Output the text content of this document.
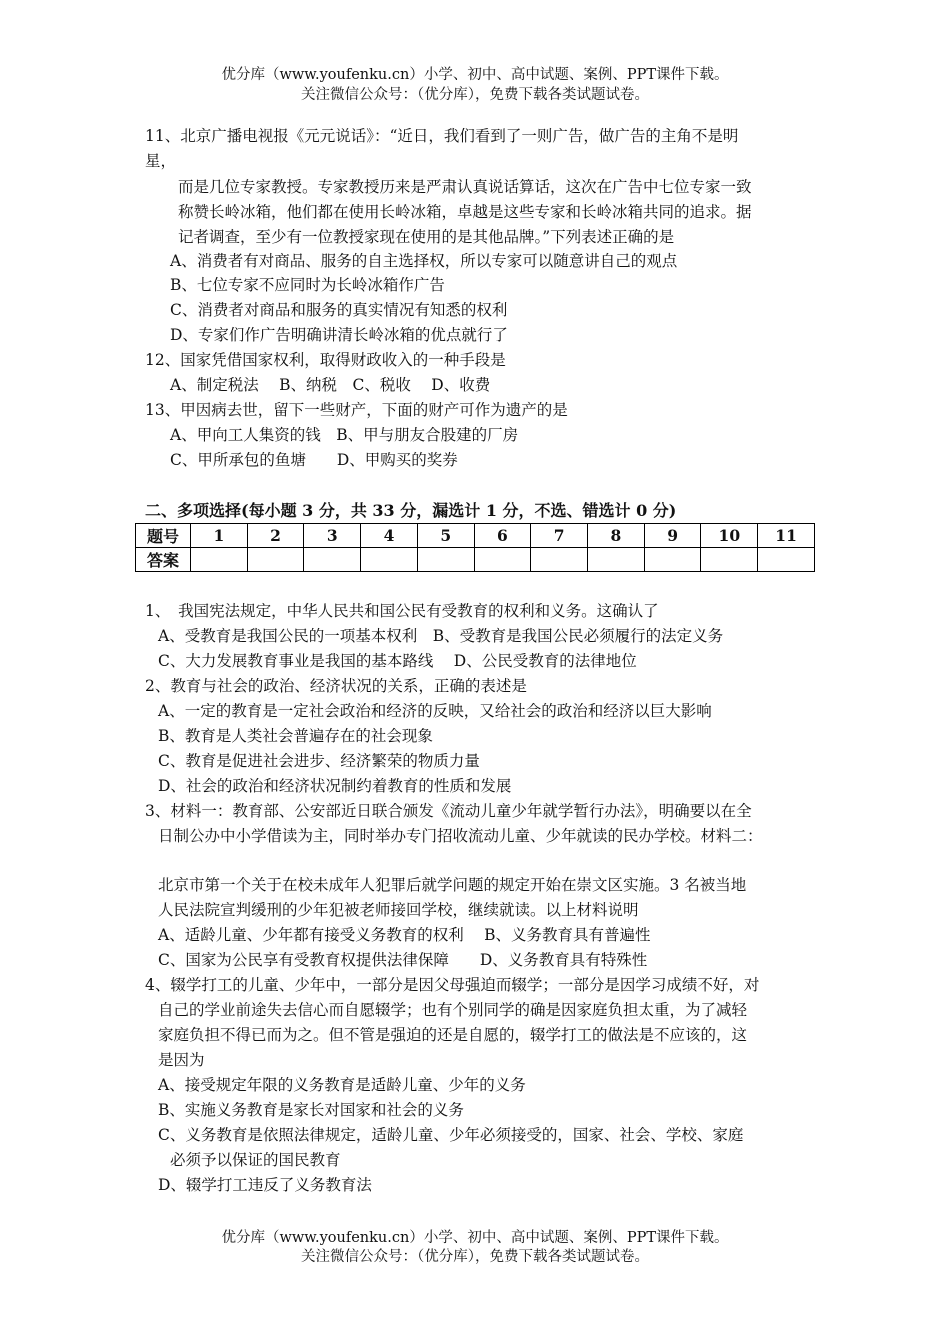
优分库（www.youfenku.cn）小学、初中、高中试题、案例、PPT课件下载。
关注微信公众号：（优分库），免费下载各类试题试卷。
11、北京广播电视报《元元说话》：“近日，我们看到了一则广告，做广告的主角不是明
星，
而是几位专家教授。专家教授历来是严肃认真说话算话，这次在广告中七位专家一致
称赞长岭冰箱，他们都在使用长岭冰箱，卓越是这些专家和长岭冰箱共同的追求。据
记者调查，至少有一位教授家现在使用的是其他品牌。”下列表述正确的是
A、消费者有对商品、服务的自主选择权，所以专家可以随意讲自己的观点
B、七位专家不应同时为长岭冰箱作广告
C、消费者对商品和服务的真实情况有知悉的权利
D、专家们作广告明确讲清长岭冰箱的优点就行了
12、国家凭借国家权利，取得财政收入的一种手段是
A、制定税法　 B、纳税　C、税收　 D、收费
13、甲因病去世，留下一些财产，下面的财产可作为遗产的是
A、甲向工人集资的钱　B、甲与朋友合股建的厂房
C、甲所承包的鱼塘　　D、甲购买的奖券
二、多项选择(每小题 3 分，共 33 分，漏选计 1 分，不选、错选计 0 分)
题号	1	2	3	4	5	6	7	8	9	10	11
答案											
1、　我国宪法规定，中华人民共和国公民有受教育的权利和义务。这确认了
A、受教育是我国公民的一项基本权利　B、受教育是我国公民必须履行的法定义务
C、大力发展教育事业是我国的基本路线　 D、公民受教育的法律地位
2、教育与社会的政治、经济状况的关系，正确的表述是
A、一定的教育是一定社会政治和经济的反映，又给社会的政治和经济以巨大影响
B、教育是人类社会普遍存在的社会现象
C、教育是促进社会进步、经济繁荣的物质力量
D、社会的政治和经济状况制约着教育的性质和发展
3、材料一：教育部、公安部近日联合颁发《流动儿童少年就学暂行办法》，明确要以在全
日制公办中小学借读为主，同时举办专门招收流动儿童、少年就读的民办学校。材料二：
北京市第一个关于在校未成年人犯罪后就学问题的规定开始在崇文区实施。3 名被当地
人民法院宣判缓刑的少年犯被老师接回学校，继续就读。以上材料说明
A、适龄儿童、少年都有接受义务教育的权利　 B、义务教育具有普遍性
C、国家为公民享有受教育权提供法律保障　　D、义务教育具有特殊性
4、辍学打工的儿童、少年中，一部分是因父母强迫而辍学；一部分是因学习成绩不好，对
自己的学业前途失去信心而自愿辍学；也有个别同学的确是因家庭负担太重，为了减轻
家庭负担不得已而为之。但不管是强迫的还是自愿的，辍学打工的做法是不应该的，这
是因为
A、接受规定年限的义务教育是适龄儿童、少年的义务
B、实施义务教育是家长对国家和社会的义务
C、义务教育是依照法律规定，适龄儿童、少年必须接受的，国家、社会、学校、家庭
必须予以保证的国民教育
D、辍学打工违反了义务教育法
优分库（www.youfenku.cn）小学、初中、高中试题、案例、PPT课件下载。
关注微信公众号：（优分库），免费下载各类试题试卷。
